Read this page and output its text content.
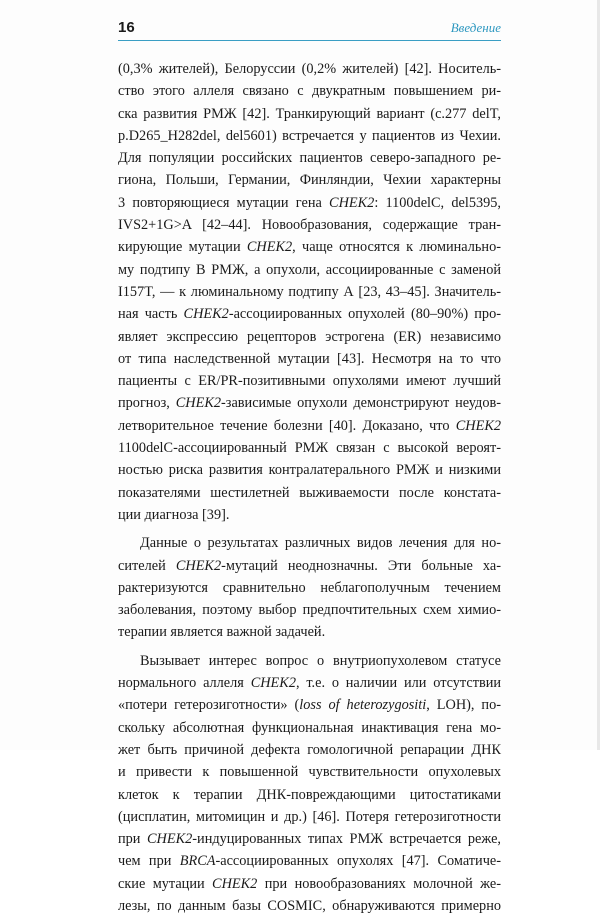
16	Введение
(0,3% жителей), Белоруссии (0,2% жителей) [42]. Носитель-
ство этого аллеля связано с двукратным повышением ри-
ска развития РМЖ [42]. Транкирующий вариант (c.277 delT,
p.D265_H282del, del5601) встречается у пациентов из Чехии.
Для популяции российских пациентов северо-западного ре-
гиона, Польши, Германии, Финляндии, Чехии характерны
3 повторяющиеся мутации гена CHEK2: 1100delC, del5395,
IVS2+1G>A [42–44]. Новообразования, содержащие тран-
кирующие мутации CHEK2, чаще относятся к люминально-
му подтипу В РМЖ, а опухоли, ассоциированные с заменой
I157T, — к люминальному подтипу А [23, 43–45]. Значитель-
ная часть CHEK2-ассоциированных опухолей (80–90%) про-
являет экспрессию рецепторов эстрогена (ER) независимо
от типа наследственной мутации [43]. Несмотря на то что
пациенты с ER/PR-позитивными опухолями имеют лучший
прогноз, CHEK2-зависимые опухоли демонстрируют неудов-
летворительное течение болезни [40]. Доказано, что CHEK2
1100delC-ассоциированный РМЖ связан с высокой вероят-
ностью риска развития контралатерального РМЖ и низкими
показателями шестилетней выживаемости после констата-
ции диагноза [39].
Данные о результатах различных видов лечения для но-
сителей CHEK2-мутаций неоднозначны. Эти больные ха-
рактеризуются сравнительно неблагополучным течением
заболевания, поэтому выбор предпочтительных схем химио-
терапии является важной задачей.
Вызывает интерес вопрос о внутриопухолевом статусе
нормального аллеля CHEK2, т.е. о наличии или отсутствии
«потери гетерозиготности» (loss of heterozygositi, LOH), по-
скольку абсолютная функциональная инактивация гена мо-
жет быть причиной дефекта гомологичной репарации ДНК
и привести к повышенной чувствительности опухолевых
клеток к терапии ДНК-повреждающими цитостатиками
(цисплатин, митомицин и др.) [46]. Потеря гетерозиготности
при CHEK2-индуцированных типах РМЖ встречается реже,
чем при BRCA-ассоциированных опухолях [47]. Соматиче-
ские мутации CHEK2 при новообразованиях молочной же-
лезы, по данным базы COSMIC, обнаруживаются примерно
